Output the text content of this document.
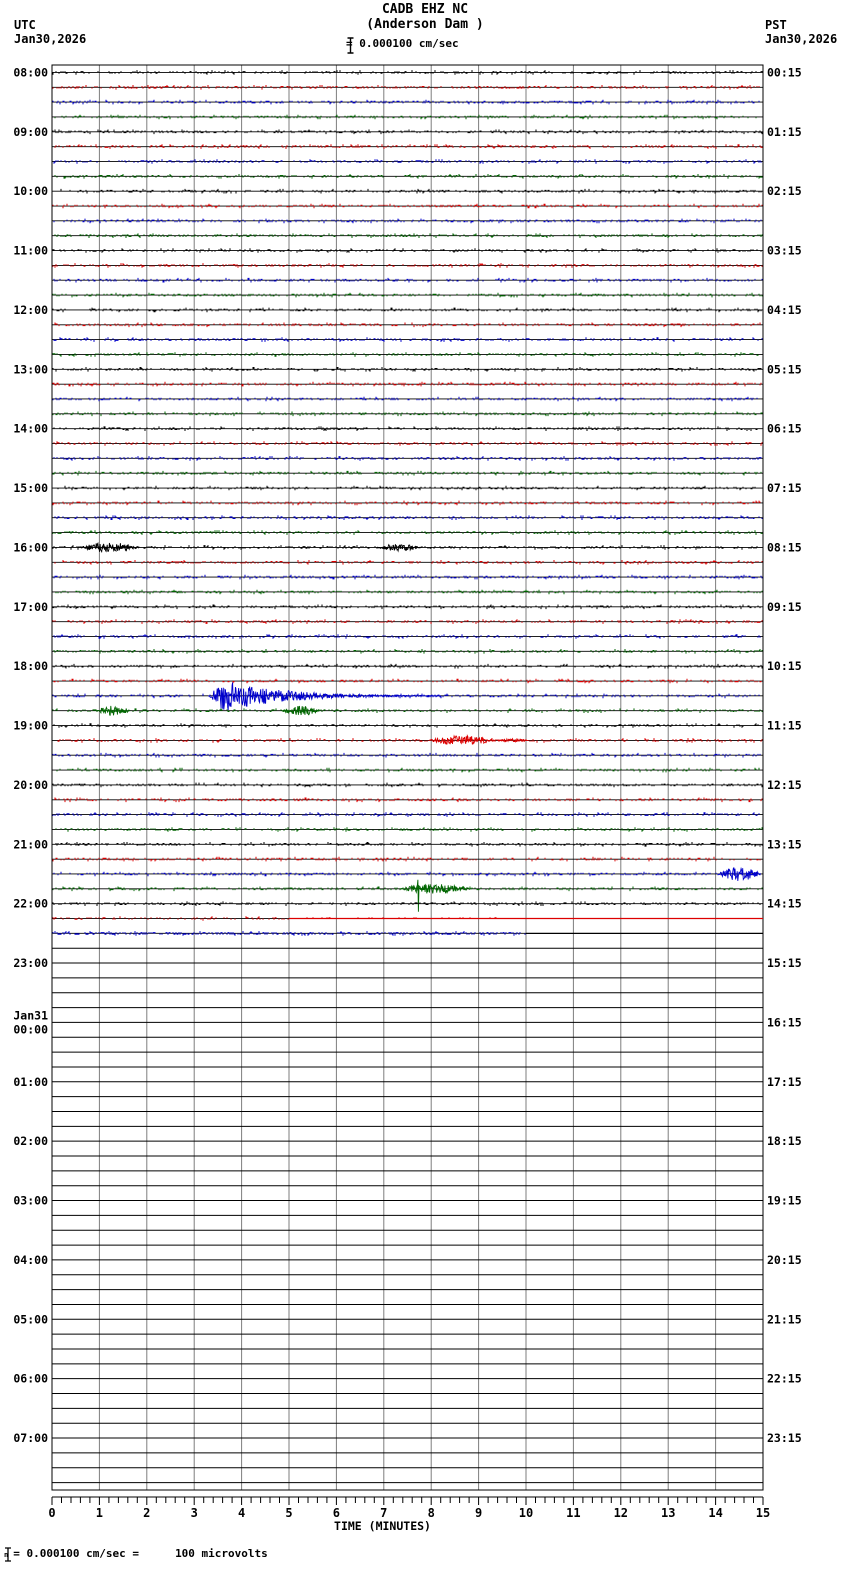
CADB EHZ NC
(Anderson Dam )
UTC
Jan30,2026
PST
Jan30,2026
= 0.000100 cm/sec
08:00	00:15
09:00	01:15
10:00	02:15
11:00	03:15
12:00	04:15
13:00	05:15
14:00	06:15
15:00	07:15
16:00	08:15
17:00	09:15
18:00	10:15
19:00	11:15
20:00	12:15
21:00	13:15
22:00	14:15
23:00	15:15
Jan31
00:00	16:15
01:00	17:15
02:00	18:15
03:00	19:15
04:00	20:15
05:00	21:15
06:00	22:15
07:00	23:15
0	1	2	3	4	5	6	7	8	9	10	11	12	13	14	15
TIME (MINUTES)
n = 0.000100 cm/sec =	100 microvolts
